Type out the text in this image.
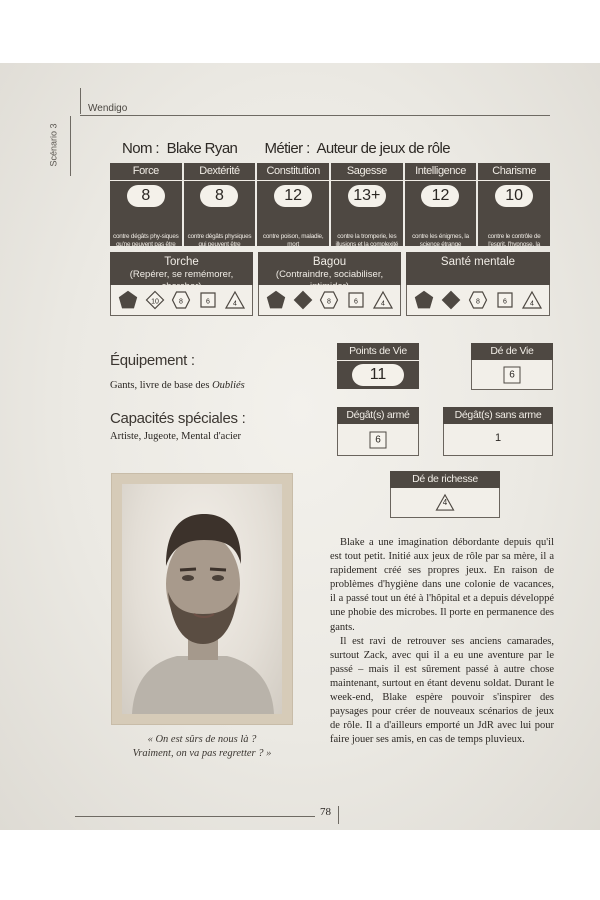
Wendigo
Scénario 3	Nom : Blake Ryan Métier : Auteur de jeux de rôle
Force
8
contre dégâts phy-siques qu'ne peuvent pas être
Dextérité
8
contre dégâts physiques qui peuvent être
Constitution
12
contre poison, maladie, mort
Sagesse
13+
contre la tromperie, les illusions et la complexité
Intelligence
12
contre les énigmes, la science étrange
Charisme
10
contre le contrôle de l'esprit, l'hypnose, la
Torche
(Repérer, se remémorer, chercher)
10	8	6	4
Bagou
(Contraindre, sociabiliser, intimider)
8	6	4
Santé mentale
8	6	4
Équipement :
Gants, livre de base des Oubliés
Capacités spéciales :
Artiste, Jugeote, Mental d'acier
Points de Vie
11
Dé de Vie
6
Dégât(s) armé
6
Dégât(s) sans arme
1
Dé de richesse
4
« On est sûrs de nous là ?
Vraiment, on va pas regretter ? »

Blake a une imagination débordante depuis qu'il est tout petit. Initié aux jeux de rôle par sa mère, il a rapidement créé ses propres jeux. En raison de problèmes d'hygiène dans une colonie de vacances, il a passé tout un été à l'hôpital et a depuis développé une phobie des microbes. Il porte en permanence des gants.

Il est ravi de retrouver ses anciens camarades, surtout Zack, avec qui il a eu une aventure par le passé – mais il est sûrement passé à autre chose maintenant, surtout en étant devenu soldat. Durant le week-end, Blake espère pouvoir s'inspirer des paysages pour créer de nouveaux scénarios de jeux de rôle. Il a d'ailleurs emporté un JdR avec lui pour faire jouer ses amis, en cas de temps pluvieux.

78
